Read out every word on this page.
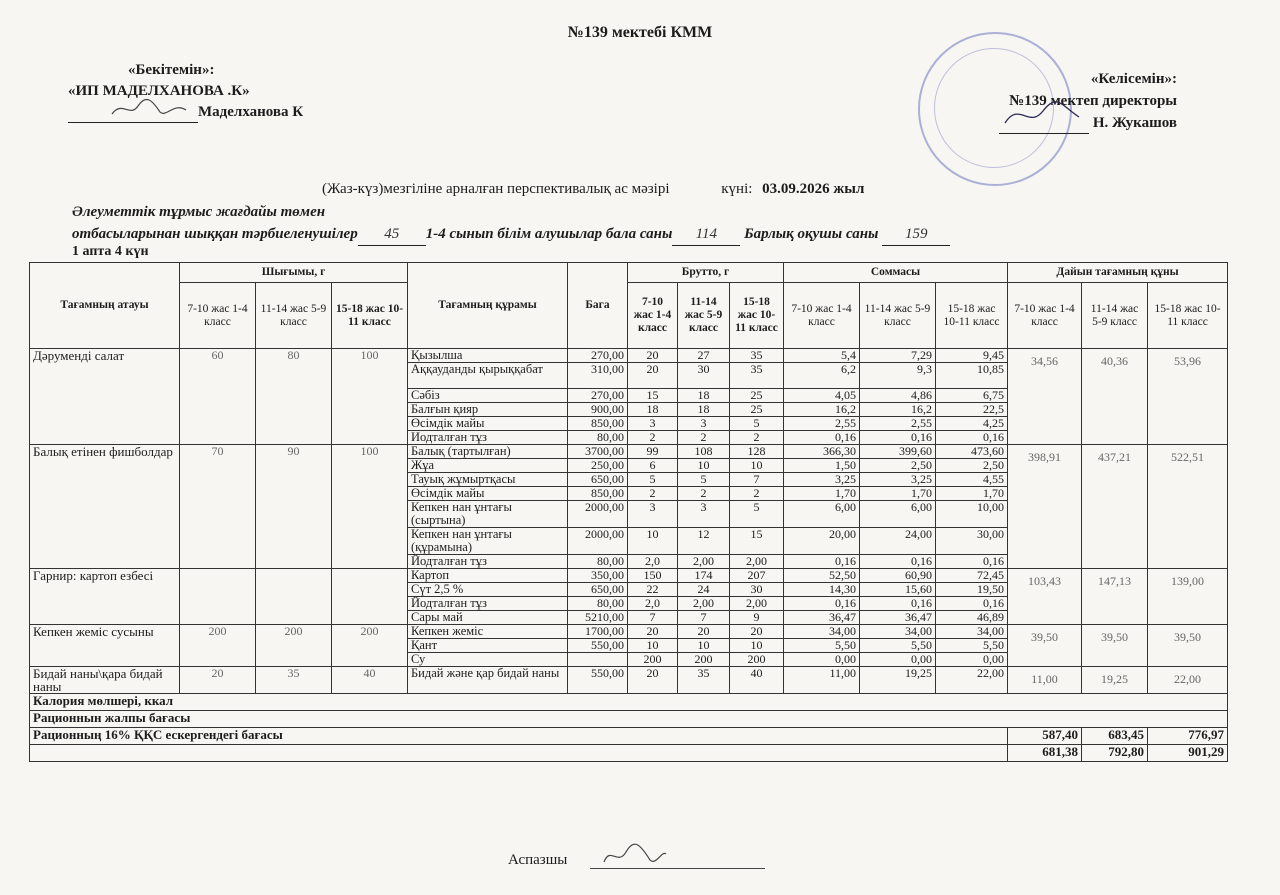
№139 мектебі КММ
«Бекітемін»:
«ИП МАДЕЛХАНОВА .К»
Маделханова К
«Келісемін»:
№139 мектеп директоры
Н. Жукашов
(Жаз-күз)мезгіліне арналған перспективалық ас мәзірі	күні: 03.09.2026 жыл
Әлеуметтік тұрмыс жағдайы төмен
отбасыларынан шыққан тәрбиеленушілер 45 1-4 сынып білім алушылар бала саны 114 Барлық оқушы саны 159
1 апта 4 күн
Тағамның атауы	Шығымы, г			Тағамның құрамы	Бага	Брутто, г			Соммасы			Дайын тағамның құны		
	7-10 жас 1-4 класс	11-14 жас 5-9 класс	15-18 жас 10-11 класс			7-10 жас 1-4 класс	11-14 жас 5-9 класс	15-18 жас 10-11 класс	7-10 жас 1-4 класс	11-14 жас 5-9 класс	15-18 жас 10-11 класс	7-10 жас 1-4 класс	11-14 жас 5-9 класс	15-18 жас 10-11 класс
Дәруменді салат	60	80	100	Қызылша	270,00	20	27	35	5,4	7,29	9,45	34,56	40,36	53,96
				Аққауданды қырыққабат	310,00	20	30	35	6,2	9,3	10,85			
				Сәбіз	270,00	15	18	25	4,05	4,86	6,75			
				Балғын қияр	900,00	18	18	25	16,2	16,2	22,5			
				Өсімдік майы	850,00	3	3	5	2,55	2,55	4,25			
				Иодталған тұз	80,00	2	2	2	0,16	0,16	0,16			
Балық етінен фишболдар	70	90	100	Балық (тартылған)	3700,00	99	108	128	366,30	399,60	473,60	398,91	437,21	522,51
				Жұа	250,00	6	10	10	1,50	2,50	2,50			
				Тауық жұмыртқасы	650,00	5	5	7	3,25	3,25	4,55			
				Өсімдік майы	850,00	2	2	2	1,70	1,70	1,70			
				Кепкен нан ұнтағы (сыртына)	2000,00	3	3	5	6,00	6,00	10,00			
				Кепкен нан ұнтағы (құрамына)	2000,00	10	12	15	20,00	24,00	30,00			
				Йодталған тұз	80,00	2,0	2,00	2,00	0,16	0,16	0,16			
Гарнир: картоп езбесі				Картоп	350,00	150	174	207	52,50	60,90	72,45	103,43	147,13	139,00
				Сүт 2,5 %	650,00	22	24	30	14,30	15,60	19,50			
				Йодталған тұз	80,00	2,0	2,00	2,00	0,16	0,16	0,16			
				Сары май	5210,00	7	7	9	36,47	36,47	46,89			
Кепкен жеміс сусыны	200	200	200	Кепкен жеміс	1700,00	20	20	20	34,00	34,00	34,00	39,50	39,50	39,50
				Қант	550,00	10	10	10	5,50	5,50	5,50			
				Су		200	200	200	0,00	0,00	0,00			
Бидай наны\қара бидай наны	20	35	40	Бидай және қар бидай наны	550,00	20	35	40	11,00	19,25	22,00	11,00	19,25	22,00
Калория мөлшері, ккал														
Рационнын жалпы бағасы														
Рационның 16% ҚҚС ескергендегі бағасы												587,40	683,45	776,97
												681,38	792,80	901,29
Аспазшы
